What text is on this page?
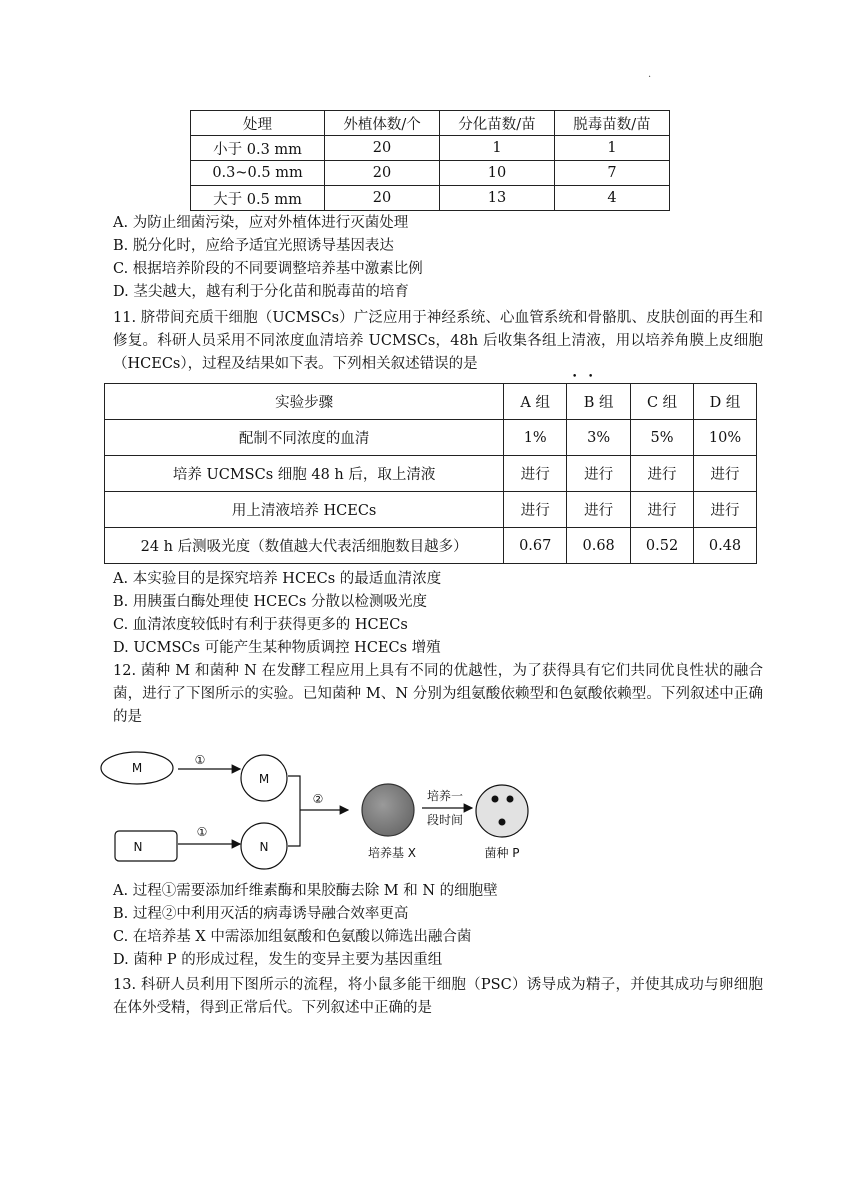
·
处理	外植体数/个	分化苗数/苗	脱毒苗数/苗
小于 0.3 mm	20	1	1
0.3~0.5 mm	20	10	7
大于 0.5 mm	20	13	4
A. 为防止细菌污染，应对外植体进行灭菌处理
B. 脱分化时，应给予适宜光照诱导基因表达
C. 根据培养阶段的不同要调整培养基中激素比例
D. 茎尖越大，越有利于分化苗和脱毒苗的培育
11. 脐带间充质干细胞（UCMSCs）广泛应用于神经系统、心血管系统和骨骼肌、皮肤创面的再生和修复。科研人员采用不同浓度血清培养 UCMSCs，48h 后收集各组上清液，用以培养角膜上皮细胞（HCECs），过程及结果如下表。下列相关叙述错误的是
• •
实验步骤	A 组	B 组	C 组	D 组
配制不同浓度的血清	1%	3%	5%	10%
培养 UCMSCs 细胞 48 h 后，取上清液	进行	进行	进行	进行
用上清液培养 HCECs	进行	进行	进行	进行
24 h 后测吸光度（数值越大代表活细胞数目越多）	0.67	0.68	0.52	0.48
A. 本实验目的是探究培养 HCECs 的最适血清浓度
B. 用胰蛋白酶处理使 HCECs 分散以检测吸光度
C. 血清浓度较低时有利于获得更多的 HCECs
D. UCMSCs 可能产生某种物质调控 HCECs 增殖
12. 菌种 M 和菌种 N 在发酵工程应用上具有不同的优越性，为了获得具有它们共同优良性状的融合菌，进行了下图所示的实验。已知菌种 M、N 分别为组氨酸依赖型和色氨酸依赖型。下列叙述中正确的是
M
①
M
N
①
N
②
培养基 X
培养一
段时间
菌种 P
A. 过程①需要添加纤维素酶和果胶酶去除 M 和 N 的细胞壁
B. 过程②中利用灭活的病毒诱导融合效率更高
C. 在培养基 X 中需添加组氨酸和色氨酸以筛选出融合菌
D. 菌种 P 的形成过程，发生的变异主要为基因重组
13. 科研人员利用下图所示的流程，将小鼠多能干细胞（PSC）诱导成为精子，并使其成功与卵细胞在体外受精，得到正常后代。下列叙述中正确的是
